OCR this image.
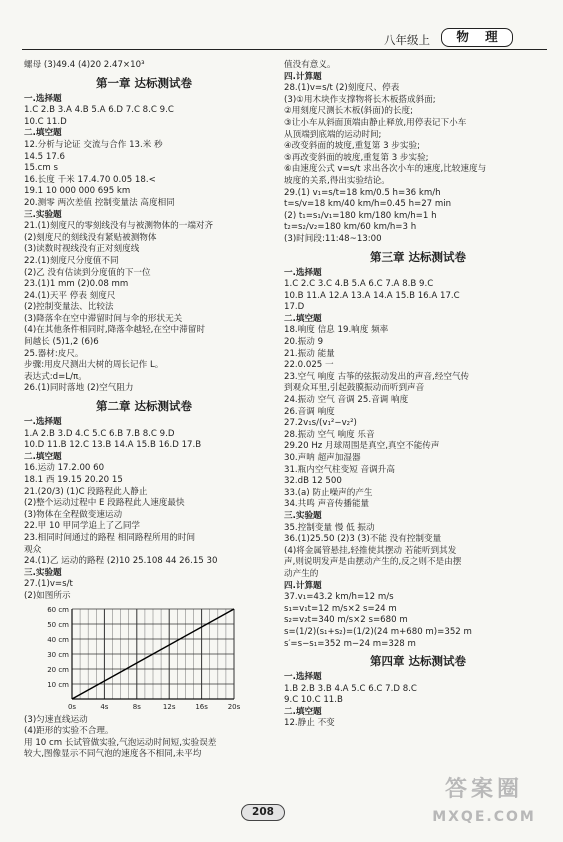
八年级上	物 理
螺母 (3)49.4 (4)20 2.47×10³
第一章 达标测试卷
一.选择题
1.C 2.B 3.A 4.B 5.A 6.D 7.C 8.C 9.C
10.C 11.D
二.填空题
12.分析与论证 交流与合作 13.米 秒
14.5 17.6
15.cm s
16.长度 千米 17.4.70 0.05 18.<
19.1 10 000 000 695 km
20.测零 两次差值 控制变量法 高度相同
三.实验题
21.(1)刻度尺的零刻线没有与被测物体的一端对齐
(2)刻度尺的刻线没有紧贴被测物体
(3)读数时视线没有正对刻度线
22.(1)刻度尺分度值不同
(2)乙 没有估读到分度值的下一位
23.(1)1 mm (2)0.08 mm
24.(1)天平 停表 刻度尺
(2)控制变量法、比较法
(3)降落伞在空中滞留时间与伞的形状无关
(4)在其他条件相同时,降落伞越轻,在空中滞留时
间越长 (5)1,2 (6)6
25.器材:皮尺。
步骤:用皮尺测出大树的周长记作 L。
表达式:d=L/π。
26.(1)同时落地 (2)空气阻力
第二章 达标测试卷
一.选择题
1.A 2.B 3.D 4.C 5.C 6.B 7.B 8.C 9.D
10.D 11.B 12.C 13.B 14.A 15.B 16.D 17.B
二.填空题
16.运动 17.2.00 60
18.1 西 19.15 20.20 15
21.(20/3) (1)C 段路程此人静止
(2)整个运动过程中 E 段路程此人速度最快
(3)物体在全程做变速运动
22.甲 10 甲同学追上了乙同学
23.相同时间通过的路程 相同路程所用的时间
观众
24.(1)乙 运动的路程 (2)10 25.108 44 26.15 30
三.实验题
27.(1)v=s/t
(2)如图所示
10 cm
20 cm
30 cm
40 cm
50 cm
60 cm
0s	4s	8s	12s	16s	20s
(3)匀速直线运动
(4)距形的实验不合理。
用 10 cm 长试管做实验,气泡运动时间短,实验误差
较大,图像显示不同气泡的速度各不相同,未平均
值没有意义。
四.计算题
28.(1)v=s/t (2)刻度尺、停表
(3)①用木块作支撑物将长木板搭成斜面;
②用刻度尺测长木板(斜面)的长度;
③让小车从斜面顶端由静止释放,用停表记下小车
从顶端到底端的运动时间;
④改变斜面的坡度,重复第 3 步实验;
⑤再改变斜面的坡度,重复第 3 步实验;
⑥由速度公式 v=s/t 求出各次小车的速度,比较速度与
坡度的关系,得出实验结论。
29.(1) v₁=s/t=18 km/0.5 h=36 km/h
t=s/v=18 km/40 km/h=0.45 h=27 min
(2) t₁=s₁/v₁=180 km/180 km/h=1 h
t₂=s₂/v₂=180 km/60 km/h=3 h
(3)时间段:11:48~13:00
第三章 达标测试卷
一.选择题
1.C 2.C 3.C 4.B 5.A 6.C 7.A 8.B 9.C
10.B 11.A 12.A 13.A 14.A 15.B 16.A 17.C
17.D
二.填空题
18.响度 信息 19.响度 频率
20.振动 9
21.振动 能量
22.0.025 一
23.空气 响度 古筝的弦振动发出的声音,经空气传
到观众耳里,引起鼓膜振动而听到声音
24.振动 空气 音调 25.音调 响度
26.音调 响度
27.2v₁s/(v₁²−v₂²)
28.振动 空气 响度 乐音
29.20 Hz 月球周围是真空,真空不能传声
30.声呐 超声加湿器
31.瓶内空气柱变短 音调升高
32.dB 12 500
33.(a) 防止噪声的产生
34.共鸣 声音传播能量
三.实验题
35.控制变量 慢 低 振动
36.(1)25.50 (2)3 (3)不能 没有控制变量
(4)将金属管悬挂,轻推使其摆动 若能听到其发
声,则说明发声是由摆动产生的,反之则不是由摆
动产生的
四.计算题
37.v₁=43.2 km/h=12 m/s
s₁=v₁t=12 m/s×2 s=24 m
s₂=v₂t=340 m/s×2 s=680 m
s=(1/2)(s₁+s₂)=(1/2)(24 m+680 m)=352 m
s′=s−s₁=352 m−24 m=328 m
第四章 达标测试卷
一.选择题
1.B 2.B 3.B 4.A 5.C 6.C 7.D 8.C
9.C 10.C 11.B
二.填空题
12.静止 不变
208
答案圈
MXQE.COM
